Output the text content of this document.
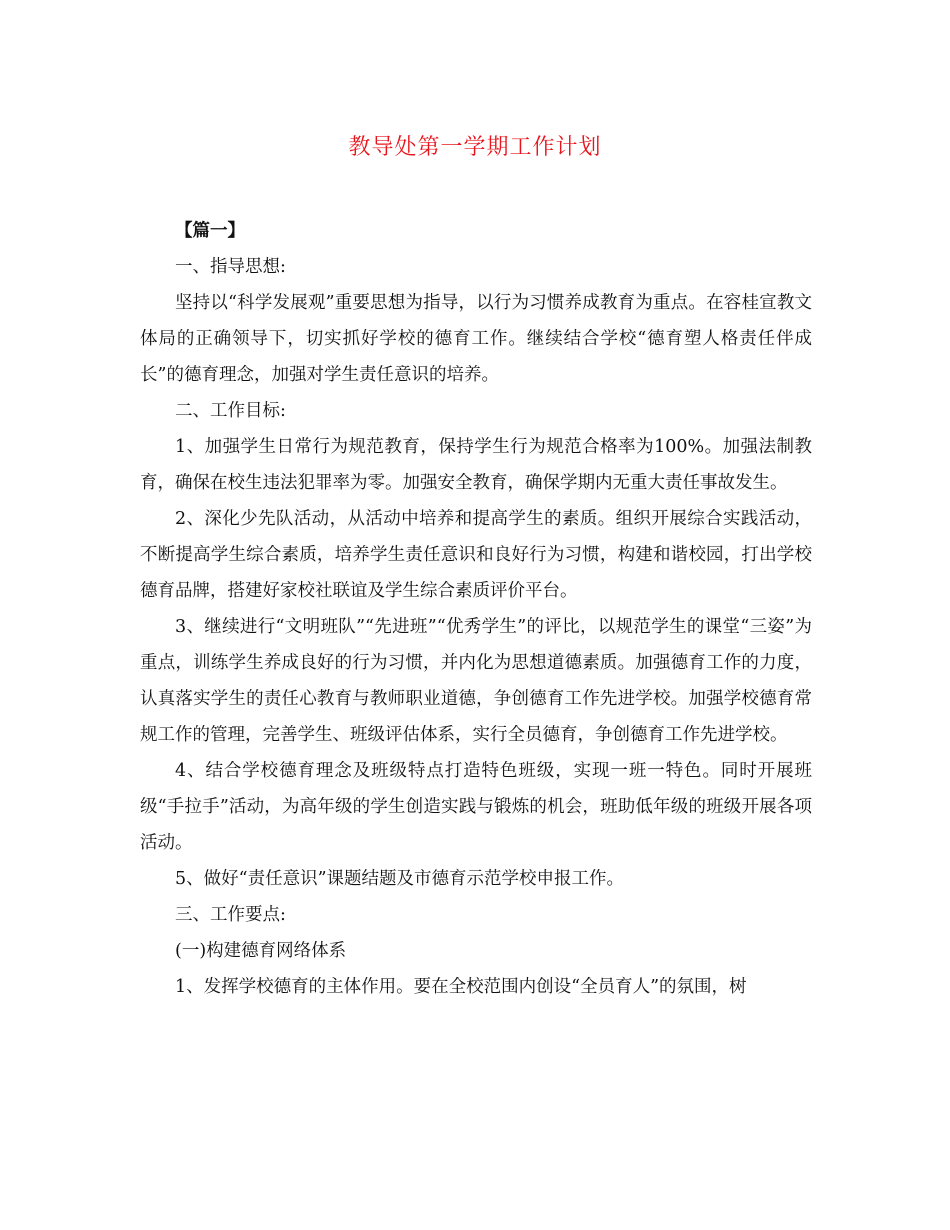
教导处第一学期工作计划

【篇一】

一、指导思想:

坚持以“科学发展观”重要思想为指导，以行为习惯养成教育为重点。在容桂宣教文体局的正确领导下，切实抓好学校的德育工作。继续结合学校“德育塑人格责任伴成长”的德育理念，加强对学生责任意识的培养。

二、工作目标:

1、加强学生日常行为规范教育，保持学生行为规范合格率为100%。加强法制教育，确保在校生违法犯罪率为零。加强安全教育，确保学期内无重大责任事故发生。

2、深化少先队活动，从活动中培养和提高学生的素质。组织开展综合实践活动，不断提高学生综合素质，培养学生责任意识和良好行为习惯，构建和谐校园，打出学校德育品牌，搭建好家校社联谊及学生综合素质评价平台。

3、继续进行“文明班队”“先进班”“优秀学生”的评比，以规范学生的课堂“三姿”为重点，训练学生养成良好的行为习惯，并内化为思想道德素质。加强德育工作的力度，认真落实学生的责任心教育与教师职业道德，争创德育工作先进学校。加强学校德育常规工作的管理，完善学生、班级评估体系，实行全员德育，争创德育工作先进学校。

4、结合学校德育理念及班级特点打造特色班级，实现一班一特色。同时开展班级“手拉手”活动，为高年级的学生创造实践与锻炼的机会，班助低年级的班级开展各项活动。

5、做好“责任意识”课题结题及市德育示范学校申报工作。

三、工作要点:

(一)构建德育网络体系

1、发挥学校德育的主体作用。要在全校范围内创设“全员育人”的氛围，树
